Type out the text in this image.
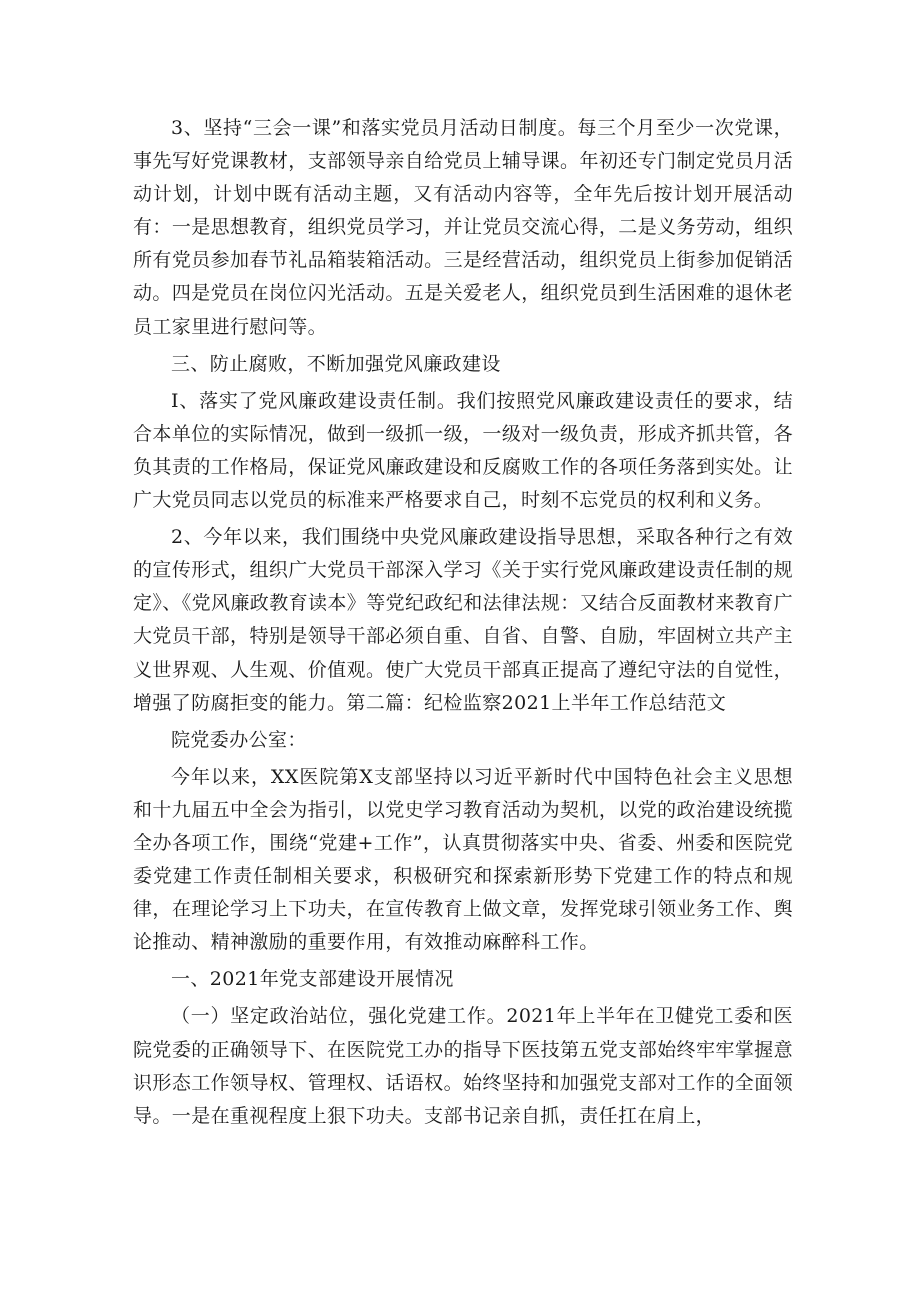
3、坚持“三会一课”和落实党员月活动日制度。每三个月至少一次党课，事先写好党课教材，支部领导亲自给党员上辅导课。年初还专门制定党员月活动计划，计划中既有活动主题，又有活动内容等，全年先后按计划开展活动有：一是思想教育，组织党员学习，并让党员交流心得，二是义务劳动，组织所有党员参加春节礼品箱装箱活动。三是经营活动，组织党员上街参加促销活动。四是党员在岗位闪光活动。五是关爱老人，组织党员到生活困难的退休老员工家里进行慰问等。

三、防止腐败，不断加强党风廉政建设

I、落实了党风廉政建设责任制。我们按照党风廉政建设责任的要求，结合本单位的实际情况，做到一级抓一级，一级对一级负责，形成齐抓共管，各负其责的工作格局，保证党风廉政建设和反腐败工作的各项任务落到实处。让广大党员同志以党员的标准来严格要求自己，时刻不忘党员的权利和义务。

2、今年以来，我们围绕中央党风廉政建设指导思想，采取各种行之有效的宣传形式，组织广大党员干部深入学习《关于实行党风廉政建设责任制的规定》、《党风廉政教育读本》等党纪政纪和法律法规：又结合反面教材来教育广大党员干部，特别是领导干部必须自重、自省、自警、自励，牢固树立共产主义世界观、人生观、价值观。使广大党员干部真正提高了遵纪守法的自觉性，增强了防腐拒变的能力。第二篇：纪检监察2021上半年工作总结范文

院党委办公室：

今年以来，XX医院第X支部坚持以习近平新时代中国特色社会主义思想和十九届五中全会为指引，以党史学习教育活动为契机，以党的政治建设统揽全办各项工作，围绕“党建+工作”，认真贯彻落实中央、省委、州委和医院党委党建工作责任制相关要求，积极研究和探索新形势下党建工作的特点和规律，在理论学习上下功夫，在宣传教育上做文章，发挥党球引领业务工作、舆论推动、精神激励的重要作用，有效推动麻醉科工作。

一、2021年党支部建设开展情况

（一）坚定政治站位，强化党建工作。2021年上半年在卫健党工委和医院党委的正确领导下、在医院党工办的指导下医技第五党支部始终牢牢掌握意识形态工作领导权、管理权、话语权。始终坚持和加强党支部对工作的全面领导。一是在重视程度上狠下功夫。支部书记亲自抓，责任扛在肩上，
